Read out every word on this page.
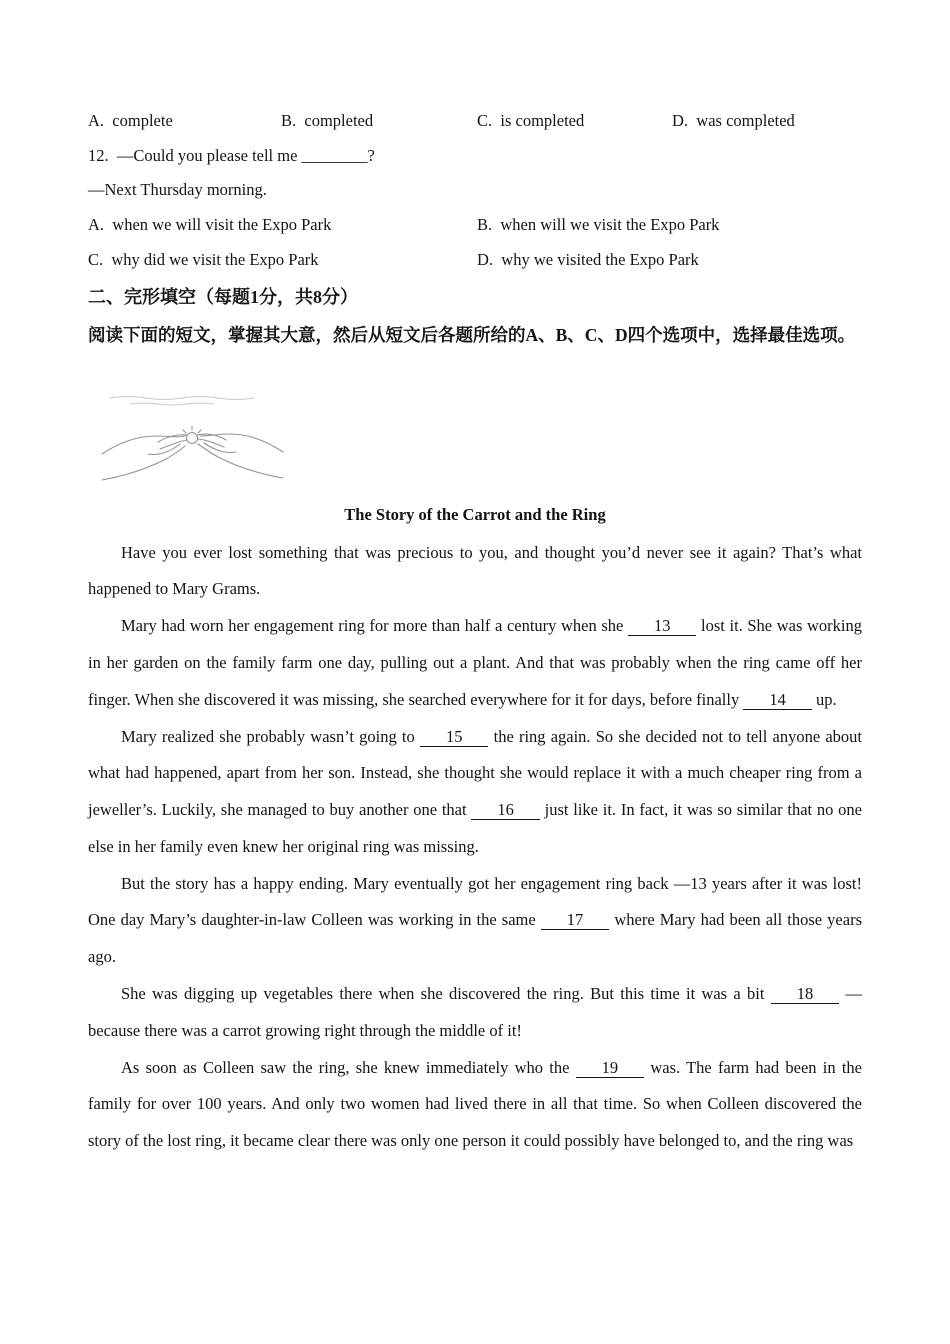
A.  complete	B.  completed	C.  is completed	D.  was completed
12.  —Could you please tell me ________?
—Next Thursday morning.
A.  when we will visit the Expo Park	B.  when will we visit the Expo Park
C.  why did we visit the Expo Park	D.  why we visited the Expo Park
二、完形填空（每题1分，共8分）

阅读下面的短文，掌握其大意，然后从短文后各题所给的A、B、C、D四个选项中，选择最佳选项。

The Story of the Carrot and the Ring

Have you ever lost something that was precious to you, and thought you’d never see it again? That’s what happened to Mary Grams.

Mary had worn her engagement ring for more than half a century when she 13 lost it. She was working in her garden on the family farm one day, pulling out a plant. And that was probably when the ring came off her finger. When she discovered it was missing, she searched everywhere for it for days, before finally 14 up.

Mary realized she probably wasn’t going to 15 the ring again. So she decided not to tell anyone about what had happened, apart from her son. Instead, she thought she would replace it with a much cheaper ring from a jeweller’s. Luckily, she managed to buy another one that 16 just like it. In fact, it was so similar that no one else in her family even knew her original ring was missing.

But the story has a happy ending. Mary eventually got her engagement ring back —13 years after it was lost! One day Mary’s daughter-in-law Colleen was working in the same 17 where Mary had been all those years ago.

She was digging up vegetables there when she discovered the ring. But this time it was a bit 18 — because there was a carrot growing right through the middle of it!

As soon as Colleen saw the ring, she knew immediately who the 19 was. The farm had been in the family for over 100 years. And only two women had lived there in all that time. So when Colleen discovered the story of the lost ring, it became clear there was only one person it could possibly have belonged to, and the ring was
